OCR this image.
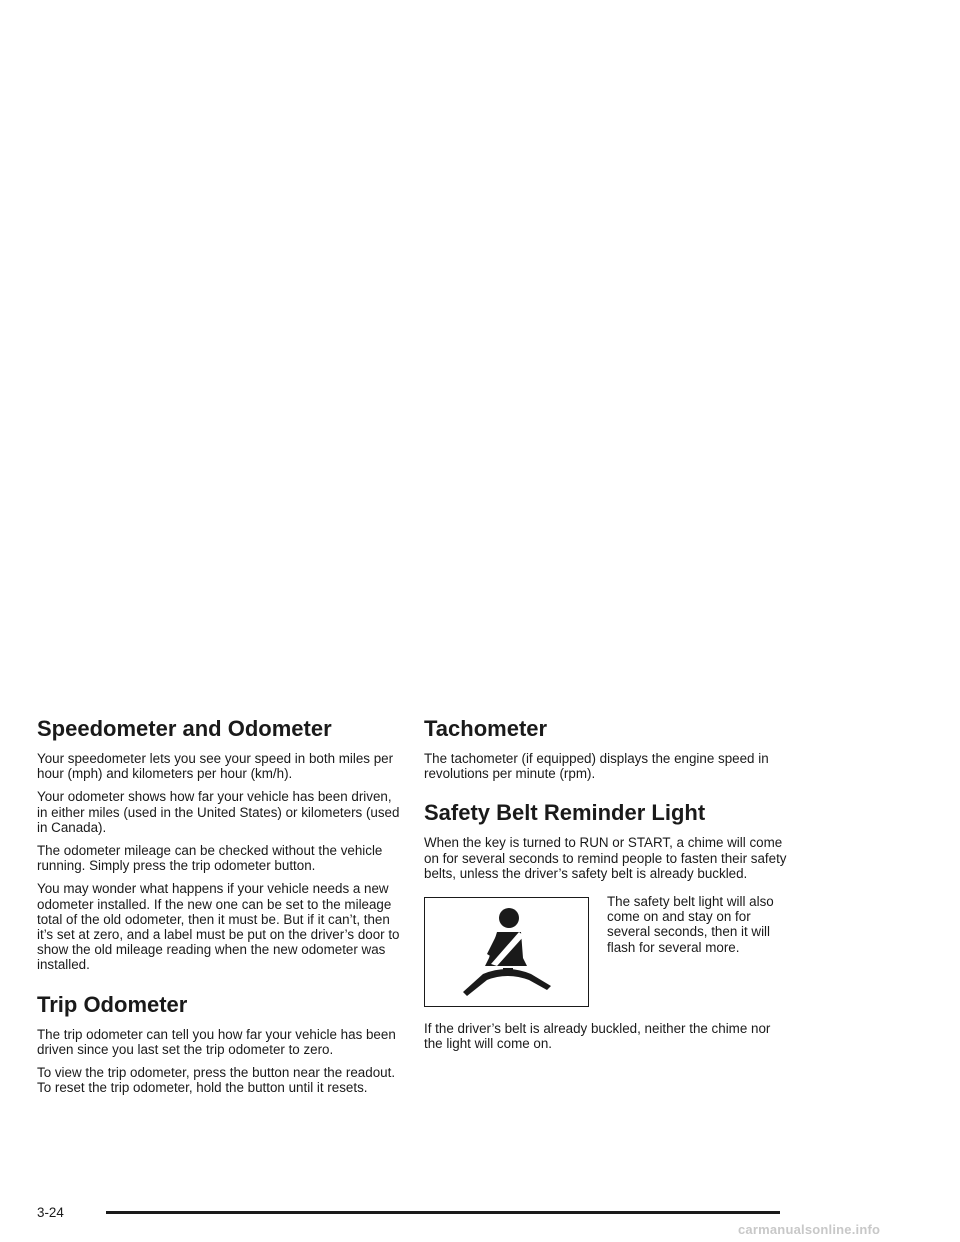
Speedometer and Odometer

Your speedometer lets you see your speed in both miles per hour (mph) and kilometers per hour (km/h).

Your odometer shows how far your vehicle has been driven, in either miles (used in the United States) or kilometers (used in Canada).

The odometer mileage can be checked without the vehicle running. Simply press the trip odometer button.

You may wonder what happens if your vehicle needs a new odometer installed. If the new one can be set to the mileage total of the old odometer, then it must be. But if it can’t, then it’s set at zero, and a label must be put on the driver’s door to show the old mileage reading when the new odometer was installed.

Trip Odometer

The trip odometer can tell you how far your vehicle has been driven since you last set the trip odometer to zero.

To view the trip odometer, press the button near the readout. To reset the trip odometer, hold the button until it resets.

Tachometer

The tachometer (if equipped) displays the engine speed in revolutions per minute (rpm).

Safety Belt Reminder Light

When the key is turned to RUN or START, a chime will come on for several seconds to remind people to fasten their safety belts, unless the driver’s safety belt is already buckled.

The safety belt light will also come on and stay on for several seconds, then it will flash for several more.

If the driver’s belt is already buckled, neither the chime nor the light will come on.

3-24
carmanualsonline.info
